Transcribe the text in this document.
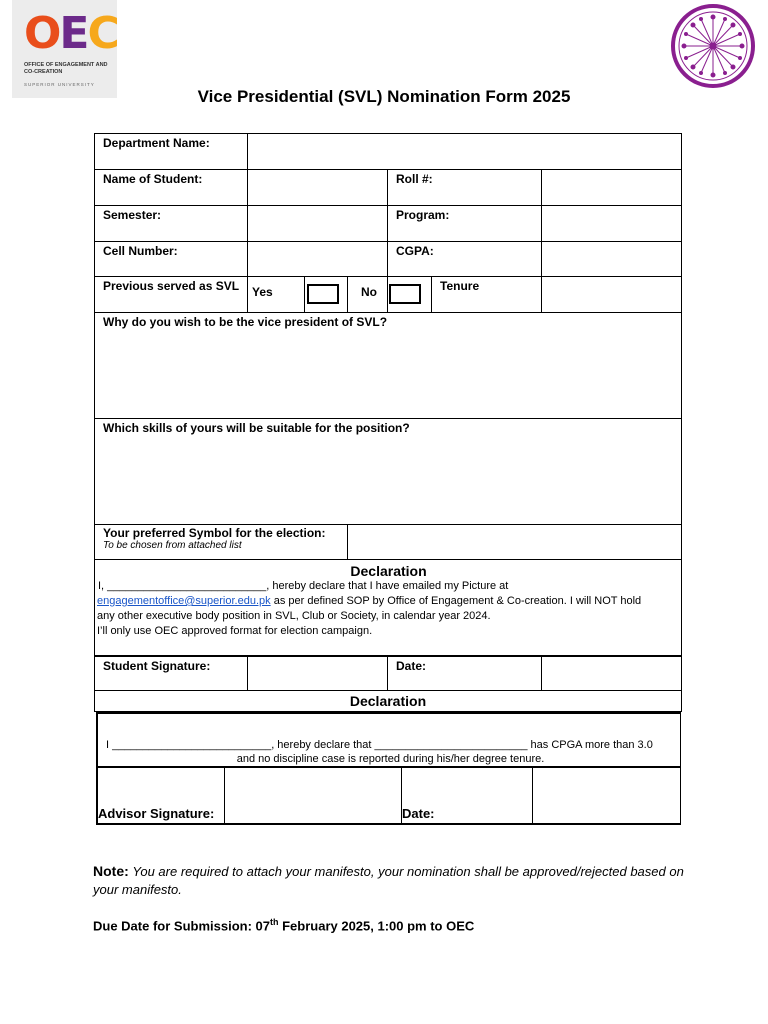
OEC
OFFICE OF ENGAGEMENT AND CO-CREATION
SUPERIOR UNIVERSITY
Vice Presidential (SVL) Nomination Form 2025
Department Name:						
Name of Student:				Roll #:		
Semester:				Program:		
Cell Number:				CGPA:		
Previous served as SVL	Yes		No		Tenure	
Why do you wish to be the vice president of SVL?						
Which skills of yours will be suitable for the position?						

Your preferred Symbol for the election:
To be chosen from attached list						

Declaration
I, __________________________, hereby declare that I have emailed my Picture at
engagementoffice@superior.edu.pk as per defined SOP by Office of Engagement & Co-creation. I will NOT hold
any other executive body position in SVL, Club or Society, in calendar year 2024.
I’ll only use OEC approved format for election campaign.						

Student Signature:				Date:		
Declaration
I __________________________, hereby declare that _________________________ has CPGA more than 3.0
and no discipline case is reported during his/her degree tenure.
Advisor Signature:	Date:
Note: You are required to attach your manifesto, your nomination shall be approved/rejected based on your manifesto.
Due Date for Submission: 07th February 2025, 1:00 pm to OEC
